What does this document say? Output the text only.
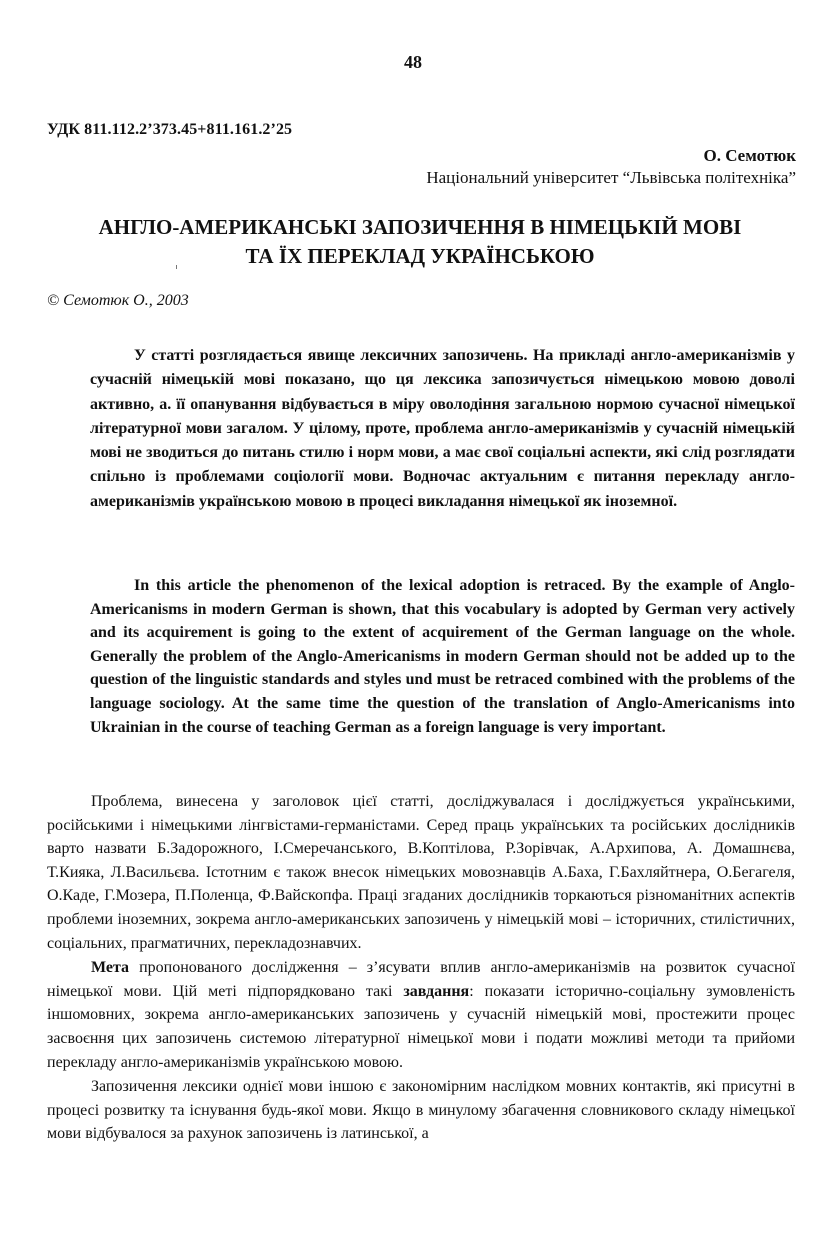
48
УДК 811.112.2’373.45+811.161.2’25
О. Семотюк
Національний університет “Львівська політехніка”
АНГЛО-АМЕРИКАНСЬКІ ЗАПОЗИЧЕННЯ В НІМЕЦЬКІЙ МОВІ
ТА ЇХ ПЕРЕКЛАД УКРАЇНСЬКОЮ
© Семотюк О., 2003

У статті розглядається явище лексичних запозичень. На прикладі англо-американізмів у сучасній німецькій мові показано, що ця лексика запозичується німецькою мовою доволі активно, а. її опанування відбувається в міру оволодіння загальною нормою сучасної німецької літературної мови загалом. У цілому, проте, проблема англо-американізмів у сучасній німецькій мові не зводиться до питань стилю і норм мови, а має свої соціальні аспекти, які слід розглядати спільно із проблемами соціології мови. Водночас актуальним є питання перекладу англо-американізмів українською мовою в процесі викладання німецької як іноземної.

In this article the phenomenon of the lexical adoption is retraced. By the example of Anglo-Americanisms in modern German is shown, that this vocabulary is adopted by German very actively and its acquirement is going to the extent of acquirement of the German language on the whole. Generally the problem of the Anglo-Americanisms in modern German should not be added up to the question of the linguistic standards and styles und must be retraced combined with the problems of the language sociology. At the same time the question of the translation of Anglo-Americanisms into Ukrainian in the course of teaching German as a foreign language is very important.

Проблема, винесена у заголовок цієї статті, досліджувалася і досліджується українськими, російськими і німецькими лінгвістами-германістами. Серед праць українських та російських дослідників варто назвати Б.Задорожного, І.Смеречанського, В.Коптілова, Р.Зорівчак, А.Архипова, А. Домашнєва, Т.Кияка, Л.Васильєва. Істотним є також внесок німецьких мовознавців А.Баха, Г.Бахляйтнера, О.Бегагеля, О.Каде, Г.Мозера, П.Поленца, Ф.Вайскопфа. Праці згаданих дослідників торкаються різноманітних аспектів проблеми іноземних, зокрема англо-американських запозичень у німецькій мові – історичних, стилістичних, соціальних, прагматичних, перекладознавчих.

Мета пропонованого дослідження – з’ясувати вплив англо-американізмів на розвиток сучасної німецької мови. Цій меті підпорядковано такі завдання: показати історично-соціальну зумовленість іншомовних, зокрема англо-американських запозичень у сучасній німецькій мові, простежити процес засвоєння цих запозичень системою літературної німецької мови і подати можливі методи та прийоми перекладу англо-американізмів українською мовою.

Запозичення лексики однієї мови іншою є закономірним наслідком мовних контактів, які присутні в процесі розвитку та існування будь-якої мови. Якщо в минулому збагачення словникового складу німецької мови відбувалося за рахунок запозичень із латинської, а
